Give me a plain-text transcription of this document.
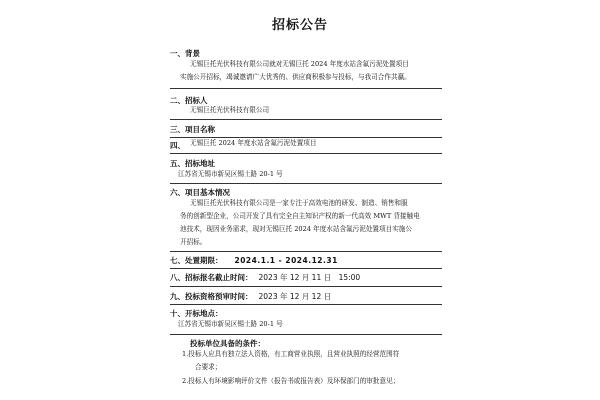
招标公告
一、背景
无锡巨托光伏科技有限公司就对无锡巨托 2024 年度水站含氟污泥处置项目
实施公开招标，竭诚邀请广大优秀的、供应商积极参与投标，与我司合作共赢。
二、招标人
无锡巨托光伏科技有限公司
三、项目名称
四、 无锡巨托 2024 年度水站含氟污泥处置项目
五、招标地址
江苏省无锡市新吴区锡士路 20-1 号
六、项目基本情况
无锡巨托光伏科技有限公司是一家专注于高效电池的研发、制造、销售和服
务的创新型企业，公司开发了具有完全自主知识产权的新一代高效 MWT 背接触电
池技术，现因业务需求，现对无锡巨托 2024 年度水站含氟污泥处置项目实施公
开招标。
七、处置期限： 2024.1.1 - 2024.12.31
八、招标报名截止时间： 2023 年 12 月 11 日　15:00
九、投标资格预审时间： 2023 年 12 月 12 日
十、开标地点：
江苏省无锡市新吴区锡士路 20-1 号
投标单位具备的条件：
1.投标人应具有独立法人资格，有工商营业执照，且营业执照的经营范围符
合要求；
2.投标人有环境影响评价文件（报告书或报告表）及环保部门的审批意见；
